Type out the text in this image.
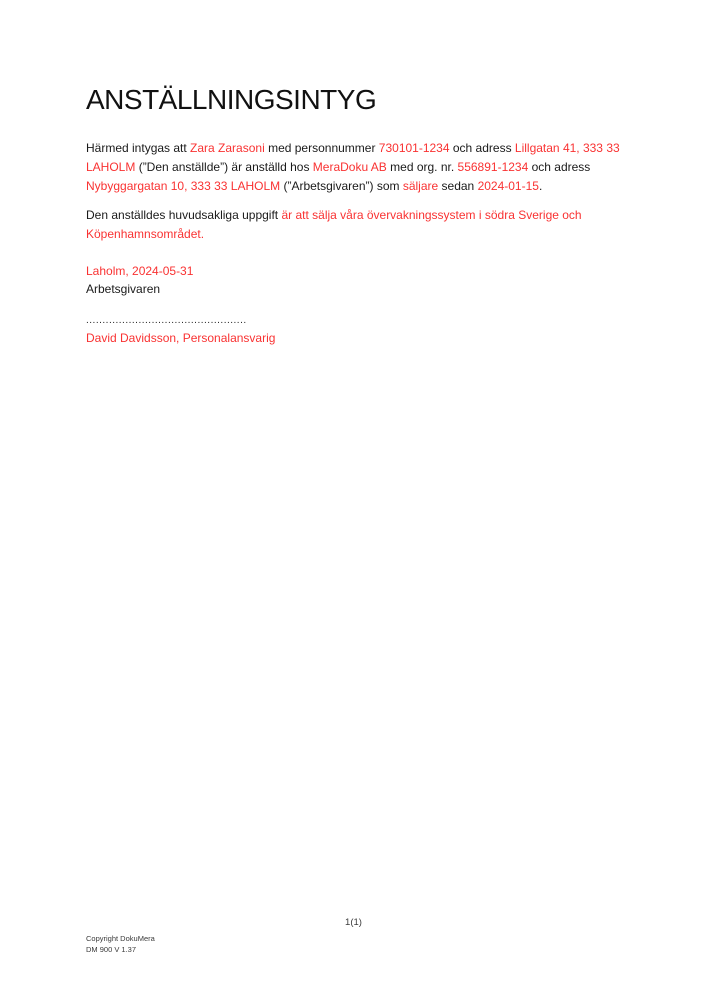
ANSTÄLLNINGSINTYG

Härmed intygas att Zara Zarasoni med personnummer 730101-1234 och adress Lillgatan 41, 333 33 LAHOLM (”Den anställde”) är anställd hos MeraDoku AB med org. nr. 556891-1234 och adress Nybyggargatan 10, 333 33 LAHOLM (”Arbetsgivaren”) som säljare sedan 2024-01-15.

Den anställdes huvudsakliga uppgift är att sälja våra övervakningssystem i södra Sverige och Köpenhamnsområdet.

Laholm, 2024-05-31
Arbetsgivaren
.................................................
David Davidsson, Personalansvarig
1(1)
Copyright DokuMera
DM 900 V 1.37
